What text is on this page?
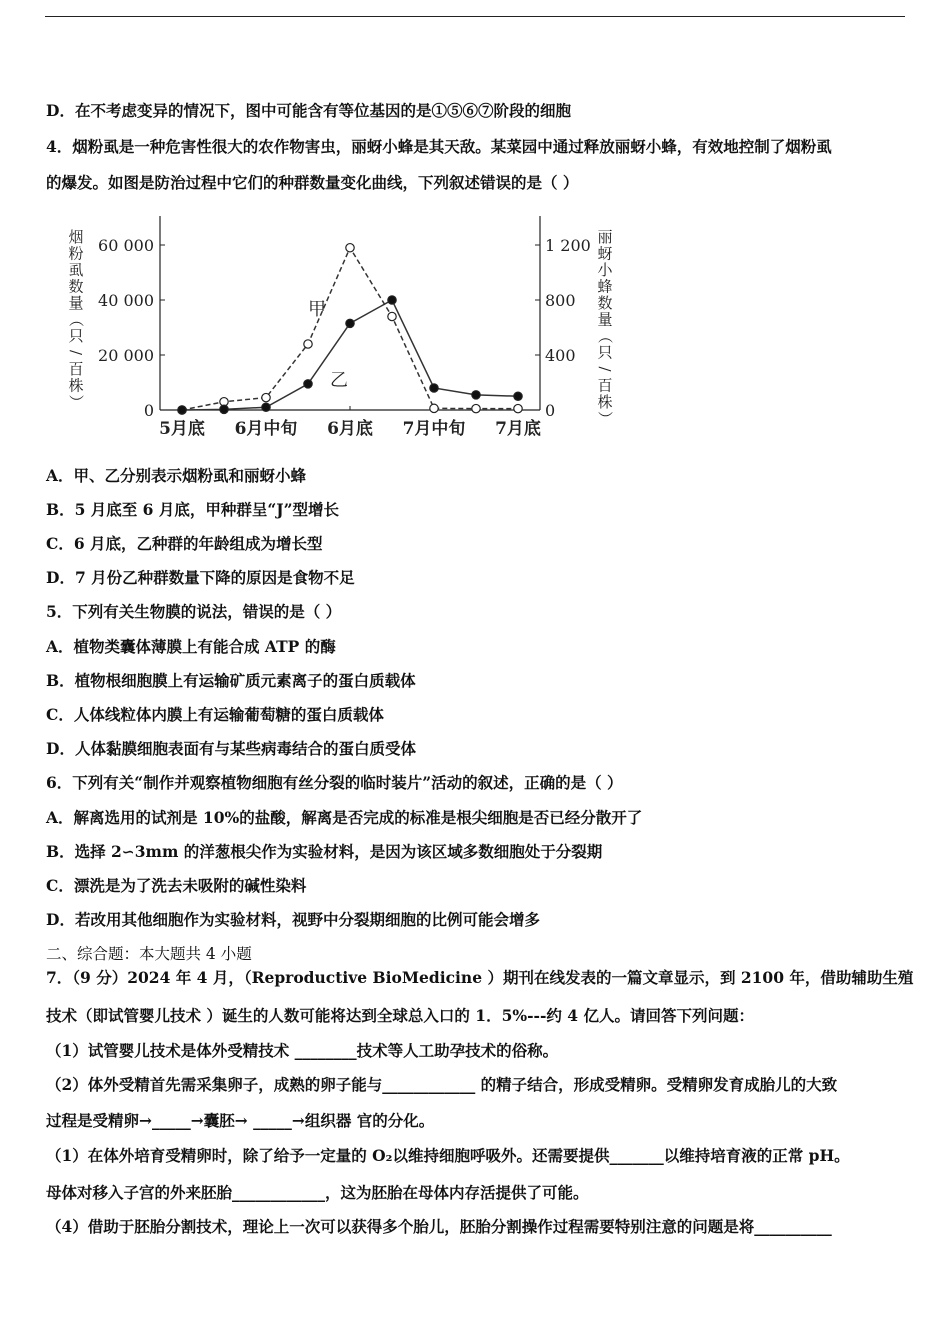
D．在不考虑变异的情况下，图中可能含有等位基因的是①⑤⑥⑦阶段的细胞
4．烟粉虱是一种危害性很大的农作物害虫，丽蚜小蜂是其天敌。某菜园中通过释放丽蚜小蜂，有效地控制了烟粉虱
的爆发。如图是防治过程中它们的种群数量变化曲线，下列叙述错误的是（ ）
A．甲、乙分别表示烟粉虱和丽蚜小蜂
B．5 月底至 6 月底，甲种群呈“J”型增长
C．6 月底，乙种群的年龄组成为增长型
D．7 月份乙种群数量下降的原因是食物不足
5．下列有关生物膜的说法，错误的是（ ）
A．植物类囊体薄膜上有能合成 ATP 的酶
B．植物根细胞膜上有运输矿质元素离子的蛋白质载体
C．人体线粒体内膜上有运输葡萄糖的蛋白质载体
D．人体黏膜细胞表面有与某些病毒结合的蛋白质受体
6．下列有关“制作并观察植物细胞有丝分裂的临时装片”活动的叙述，正确的是（ ）
A．解离选用的试剂是 10%的盐酸，解离是否完成的标准是根尖细胞是否已经分散开了
B．选择 2∽3mm 的洋葱根尖作为实验材料，是因为该区域多数细胞处于分裂期
C．漂洗是为了洗去未吸附的碱性染料
D．若改用其他细胞作为实验材料，视野中分裂期细胞的比例可能会增多
二、综合题：本大题共 4 小题
7．（9 分）2024 年 4 月，（Reproductive BioMedicine ）期刊在线发表的一篇文章显示，到 2100 年，借助辅助生殖
技术（即试管婴儿技术 ）诞生的人数可能将达到全球总入口的 1．5%---约 4 亿人。请回答下列问题：
（1）试管婴儿技术是体外受精技术 ________技术等人工助孕技术的俗称。
（2）体外受精首先需采集卵子，成熟的卵子能与____________ 的精子结合，形成受精卵。受精卵发育成胎儿的大致
过程是受精卵→_____→囊胚→ _____→组织器 官的分化。
（1）在体外培育受精卵时，除了给予一定量的 O₂以维持细胞呼吸外。还需要提供_______以维持培育液的正常 pH。
母体对移入子宫的外来胚胎____________，这为胚胎在母体内存活提供了可能。
（4）借助于胚胎分割技术，理论上一次可以获得多个胎儿，胚胎分割操作过程需要特别注意的问题是将__________
0
20 000
40 000
60 000
0
400
800
1 200
5月底 6月中旬 6月底 7月中旬 7月底
烟
粉
虱
数
量
（
只
/
百
株
）
丽
蚜
小
蜂
数
量
（
只
/
百
株
）
甲
乙
